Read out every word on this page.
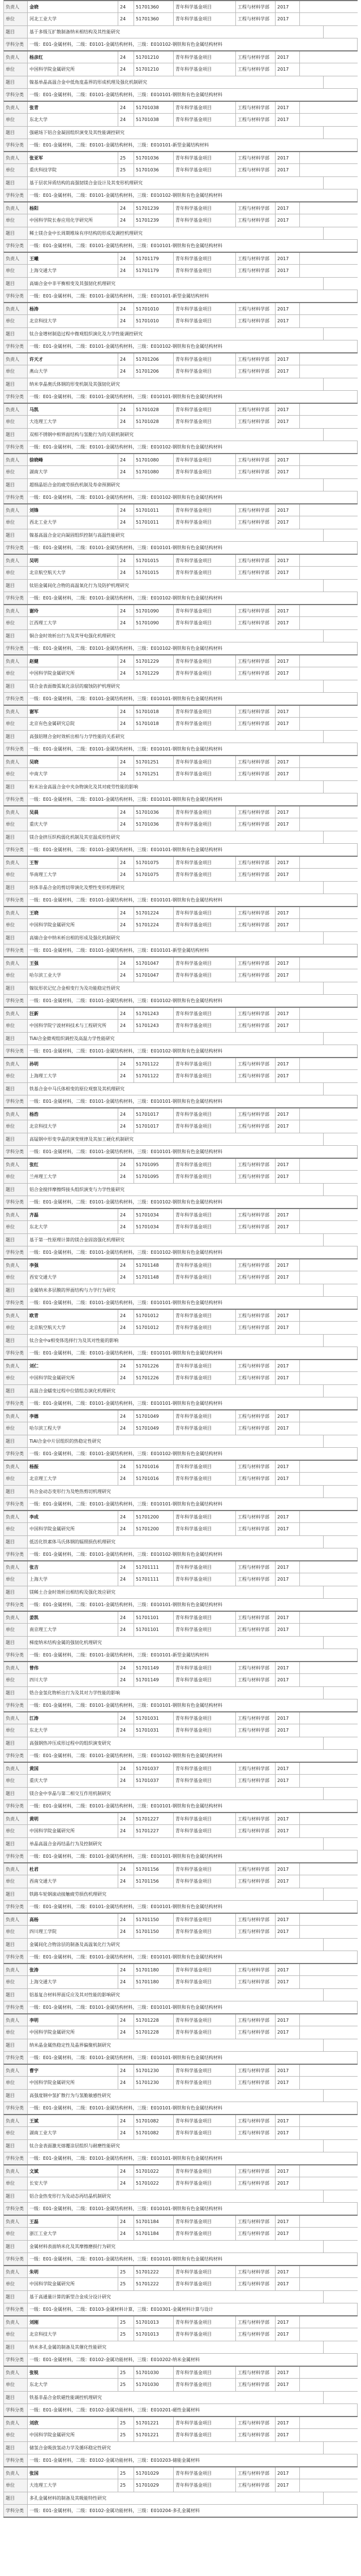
负责人	金晓	24	51701360	青年科学基金项目	工程与材料学部	2017
单位	河北工业大学	24	51701360	青年科学基金项目	工程与材料学部	2017
题目	基于多级互扩散制备纳米相结构及其性能研究
学科分类	一级：E01-金属材料，二级：E0101-金属结构材料，三级：E010102-钢铁和有色金属结构材料
负责人	杨彦红	24	51701210	青年科学基金项目	工程与材料学部	2017
单位	中国科学院金属研究所	24	51701210	青年科学基金项目	工程与材料学部	2017
题目	镍基单晶高温合金中低角度晶界的形成机理及强化机制研究
学科分类	一级：E01-金属材料，二级：E0101-金属结构材料，三级：E010101-钢铁和有色金属结构材料
负责人	张青	24	51701038	青年科学基金项目	工程与材料学部	2017
单位	东北大学	24	51701038	青年科学基金项目	工程与材料学部	2017
题目	强磁场下铝合金凝固组织演变及其性能调控研究
学科分类	一级：E01-金属材料，二级：E0101-金属结构材料，三级：E010101-新型金属结构材料
负责人	张亚军	25	51701036	青年科学基金项目	工程与材料学部	2017
单位	重庆科技学院	25	51701036	青年科学基金项目	工程与材料学部	2017
题目	基于层状异质结构的高强韧镁合金设计及其变形机理研究
学科分类	一级：E01-金属材料，二级：E0101-金属结构材料，三级：E010102-钢铁和有色金属结构材料
负责人	杨阳	24	51701239	青年科学基金项目	工程与材料学部	2017
单位	中国科学院长春应用化学研究所	24	51701239	青年科学基金项目	工程与材料学部	2017
题目	稀土镁合金中长周期堆垛有序结构的形成及调控机理研究
学科分类	一级：E01-金属材料，二级：E0101-金属结构材料，三级：E010101-钢铁和有色金属结构材料
负责人	王曦	24	51701179	青年科学基金项目	工程与材料学部	2017
单位	上海交通大学	24	51701179	青年科学基金项目	工程与材料学部	2017
题目	高熵合金中非平衡相变及其强韧化机理研究
学科分类	一级：E01-金属材料，二级：E0101-金属结构材料，三级：E010101-新型金属结构材料
负责人	杨涛	24	51701010	青年科学基金项目	工程与材料学部	2017
单位	北京科技大学	24	51701010	青年科学基金项目	工程与材料学部	2017
题目	钛合金增材制造过程中微观组织演化及力学性能调控研究
学科分类	一级：E01-金属材料，二级：E0101-金属结构材料，三级：E010102-钢铁和有色金属结构材料
负责人	许天才	24	51701206	青年科学基金项目	工程与材料学部	2017
单位	燕山大学	24	51701206	青年科学基金项目	工程与材料学部	2017
题目	纳米孪晶奥氏体钢的形变机制及其强韧化研究
学科分类	一级：E01-金属材料，二级：E0101-金属结构材料，三级：E010101-钢铁和有色金属结构材料
负责人	马凯	24	51701028	青年科学基金项目	工程与材料学部	2017
单位	大连理工大学	24	51701028	青年科学基金项目	工程与材料学部	2017
题目	双相不锈钢中相界面结构与氢脆行为的关联机制研究
学科分类	一级：E01-金属材料，二级：E0101-金属结构材料，三级：E010102-钢铁和有色金属结构材料
负责人	徐晓峰	24	51701080	青年科学基金项目	工程与材料学部	2017
单位	湖南大学	24	51701080	青年科学基金项目	工程与材料学部	2017
题目	超细晶铝合金的疲劳损伤机制及寿命预测研究
学科分类	一级：E01-金属材料，二级：E0101-金属结构材料，三级：E010102-钢铁和有色金属结构材料
负责人	刘锋	24	51701011	青年科学基金项目	工程与材料学部	2017
单位	西北工业大学	24	51701011	青年科学基金项目	工程与材料学部	2017
题目	镍基高温合金定向凝固组织控制与高温性能研究
学科分类	一级：E01-金属材料，二级：E0101-金属结构材料，三级：E010101-钢铁和有色金属结构材料
负责人	吴明	24	51701015	青年科学基金项目	工程与材料学部	2017
单位	北京航空航天大学	24	51701015	青年科学基金项目	工程与材料学部	2017
题目	钛铝金属间化合物的高温氧化行为及防护机理研究
学科分类	一级：E01-金属材料，二级：E0101-金属结构材料，三级：E010102-钢铁和有色金属结构材料
负责人	谢玲	24	51701090	青年科学基金项目	工程与材料学部	2017
单位	江西理工大学	24	51701090	青年科学基金项目	工程与材料学部	2017
题目	铜合金时效析出行为及其导电强化机理研究
学科分类	一级：E01-金属材料，二级：E0101-金属结构材料，三级：E010102-钢铁和有色金属结构材料
负责人	赵健	24	51701229	青年科学基金项目	工程与材料学部	2017
单位	中国科学院金属研究所	24	51701229	青年科学基金项目	工程与材料学部	2017
题目	镁合金表面微弧氧化涂层的腐蚀防护机理研究
学科分类	一级：E01-金属材料，二级：E0101-金属结构材料，三级：E010101-钢铁和有色金属结构材料
负责人	谢军	24	51701018	青年科学基金项目	工程与材料学部	2017
单位	北京有色金属研究总院	24	51701018	青年科学基金项目	工程与材料学部	2017
题目	高强铝锂合金时效析出相与力学性能的关系研究
学科分类	一级：E01-金属材料，二级：E0101-金属结构材料，三级：E010101-钢铁和有色金属结构材料
负责人	吴晓	24	51701251	青年科学基金项目	工程与材料学部	2017
单位	中南大学	24	51701251	青年科学基金项目	工程与材料学部	2017
题目	粉末冶金高温合金中夹杂物演化及其对疲劳性能的影响
学科分类	一级：E01-金属材料，二级：E0101-金属结构材料，三级：E010101-钢铁和有色金属结构材料
负责人	吴晨	24	51701036	青年科学基金项目	工程与材料学部	2017
单位	重庆大学	24	51701036	青年科学基金项目	工程与材料学部	2017
题目	镁合金挤压织构弱化机制及其室温成形性研究
学科分类	一级：E01-金属材料，二级：E0101-金属结构材料，三级：E010101-钢铁和有色金属结构材料
负责人	王智	24	51701075	青年科学基金项目	工程与材料学部	2017
单位	华南理工大学	24	51701075	青年科学基金项目	工程与材料学部	2017
题目	块体非晶合金的剪切带演化及塑性变形机理研究
学科分类	一级：E01-金属材料，二级：E0101-金属结构材料，三级：E010101-钢铁和有色金属结构材料
负责人	王晓	24	51701224	青年科学基金项目	工程与材料学部	2017
单位	中国科学院金属研究所	24	51701224	青年科学基金项目	工程与材料学部	2017
题目	高熵合金中纳米析出相的形成及强化机制研究
学科分类	一级：E01-金属材料，二级：E0101-金属结构材料，三级：E010101-新型金属结构材料
负责人	王强	24	51701047	青年科学基金项目	工程与材料学部	2017
单位	哈尔滨工业大学	24	51701047	青年科学基金项目	工程与材料学部	2017
题目	镍钛形状记忆合金相变行为及功能稳定性研究
学科分类	一级：E01-金属材料，二级：E0101-金属结构材料，三级：E010102-钢铁和有色金属结构材料
负责人	汪新	24	51701243	青年科学基金项目	工程与材料学部	2017
单位	中国科学院宁波材料技术与工程研究所	24	51701243	青年科学基金项目	工程与材料学部	2017
题目	TiAl合金微观组织调控及高温力学性能研究
学科分类	一级：E01-金属材料，二级：E0101-金属结构材料，三级：E010102-钢铁和有色金属结构材料
负责人	孙明	24	51701122	青年科学基金项目	工程与材料学部	2017
单位	上海理工大学	24	51701122	青年科学基金项目	工程与材料学部	2017
题目	铁基合金中马氏体相变的原位观察及其机理研究
学科分类	一级：E01-金属材料，二级：E0101-金属结构材料，三级：E010101-钢铁和有色金属结构材料
负责人	杨浩	24	51701017	青年科学基金项目	工程与材料学部	2017
单位	北京科技大学	24	51701017	青年科学基金项目	工程与材料学部	2017
题目	高锰钢中形变孪晶的演变规律及其加工硬化机制研究
学科分类	一级：E01-金属材料，二级：E0101-金属结构材料，三级：E010101-钢铁和有色金属结构材料
负责人	张红	24	51701095	青年科学基金项目	工程与材料学部	2017
单位	兰州理工大学	24	51701095	青年科学基金项目	工程与材料学部	2017
题目	铝合金搅拌摩擦焊接头组织演变与力学性能研究
学科分类	一级：E01-金属材料，二级：E0101-金属结构材料，三级：E010102-钢铁和有色金属结构材料
负责人	齐磊	24	51701034	青年科学基金项目	工程与材料学部	2017
单位	东北大学	24	51701034	青年科学基金项目	工程与材料学部	2017
题目	基于第一性原理计算的镁合金固溶强化机理研究
学科分类	一级：E01-金属材料，二级：E0101-金属结构材料，三级：E010102-钢铁和有色金属结构材料
负责人	李强	24	51701148	青年科学基金项目	工程与材料学部	2017
单位	西安交通大学	24	51701148	青年科学基金项目	工程与材料学部	2017
题目	金属纳米多层膜的界面结构与力学行为研究
学科分类	一级：E01-金属材料，二级：E0101-金属结构材料，三级：E010101-钢铁和有色金属结构材料
负责人	欧青	24	51701012	青年科学基金项目	工程与材料学部	2017
单位	北京航空航天大学	24	51701012	青年科学基金项目	工程与材料学部	2017
题目	钛合金中α相变体选择行为及其对性能的影响
学科分类	一级：E01-金属材料，二级：E0101-金属结构材料，三级：E010101-钢铁和有色金属结构材料
负责人	刘仁	24	51701226	青年科学基金项目	工程与材料学部	2017
单位	中国科学院金属研究所	24	51701226	青年科学基金项目	工程与材料学部	2017
题目	高温合金蠕变过程中位错组态演化机理研究
学科分类	一级：E01-金属材料，二级：E0101-金属结构材料，三级：E010101-钢铁和有色金属结构材料
负责人	李德	24	51701049	青年科学基金项目	工程与材料学部	2017
单位	哈尔滨工程大学	24	51701049	青年科学基金项目	工程与材料学部	2017
题目	TiAl合金中片层组织的热稳定性研究
学科分类	一级：E01-金属材料，二级：E0101-金属结构材料，三级：E010102-钢铁和有色金属结构材料
负责人	杨振	24	51701016	青年科学基金项目	工程与材料学部	2017
单位	北京理工大学	24	51701016	青年科学基金项目	工程与材料学部	2017
题目	钨合金动态变形行为及绝热剪切机理研究
学科分类	一级：E01-金属材料，二级：E0101-金属结构材料，三级：E010101-钢铁和有色金属结构材料
负责人	李成	24	51701200	青年科学基金项目	工程与材料学部	2017
单位	中国科学院金属研究所	24	51701200	青年科学基金项目	工程与材料学部	2017
题目	低活化铁素体马氏体钢的辐照损伤机理研究
学科分类	一级：E01-金属材料，二级：E0101-金属结构材料，三级：E010102-钢铁和有色金属结构材料
负责人	张吉	24	51701111	青年科学基金项目	工程与材料学部	2017
单位	上海大学	24	51701111	青年科学基金项目	工程与材料学部	2017
题目	镁稀土合金时效析出相结构及强化效应研究
学科分类	一级：E01-金属材料，二级：E0101-金属结构材料，三级：E010101-钢铁和有色金属结构材料
负责人	姜凯	24	51701101	青年科学基金项目	工程与材料学部	2017
单位	南京理工大学	24	51701101	青年科学基金项目	工程与材料学部	2017
题目	梯度纳米结构金属的强韧化机理研究
学科分类	一级：E01-金属材料，二级：E0101-金属结构材料，三级：E010101-新型金属结构材料
负责人	曾伟	24	51701149	青年科学基金项目	工程与材料学部	2017
单位	四川大学	24	51701149	青年科学基金项目	工程与材料学部	2017
题目	锆合金氢化物析出行为及其对力学性能的影响
学科分类	一级：E01-金属材料，二级：E0101-金属结构材料，三级：E010101-钢铁和有色金属结构材料
负责人	江涛	24	51701031	青年科学基金项目	工程与材料学部	2017
单位	东北大学	24	51701031	青年科学基金项目	工程与材料学部	2017
题目	高强钢热冲压成形过程中的组织演变研究
学科分类	一级：E01-金属材料，二级：E0101-金属结构材料，三级：E010102-钢铁和有色金属结构材料
负责人	黄国	24	51701037	青年科学基金项目	工程与材料学部	2017
单位	重庆大学	24	51701037	青年科学基金项目	工程与材料学部	2017
题目	镁合金中孪晶与第二相交互作用机制研究
学科分类	一级：E01-金属材料，二级：E0101-金属结构材料，三级：E010101-钢铁和有色金属结构材料
负责人	黄明	24	51701227	青年科学基金项目	工程与材料学部	2017
单位	中国科学院金属研究所	24	51701227	青年科学基金项目	工程与材料学部	2017
题目	单晶高温合金再结晶行为及控制研究
学科分类	一级：E01-金属材料，二级：E0101-金属结构材料，三级：E010101-钢铁和有色金属结构材料
负责人	杜君	24	51701156	青年科学基金项目	工程与材料学部	2017
单位	西南交通大学	24	51701156	青年科学基金项目	工程与材料学部	2017
题目	铁路车轮钢滚动接触疲劳损伤机理研究
学科分类	一级：E01-金属材料，二级：E0101-金属结构材料，三级：E010101-钢铁和有色金属结构材料
负责人	高杨	24	51701150	青年科学基金项目	工程与材料学部	2017
单位	四川理工学院	24	51701150	青年科学基金项目	工程与材料学部	2017
题目	金属间化合物涂层的制备及高温氧化行为研究
学科分类	一级：E01-金属材料，二级：E0101-金属结构材料，三级：E010101-钢铁和有色金属结构材料
负责人	张涛	24	51701180	青年科学基金项目	工程与材料学部	2017
单位	上海交通大学	24	51701180	青年科学基金项目	工程与材料学部	2017
题目	铝基复合材料界面反应及其对性能的影响研究
学科分类	一级：E01-金属材料，二级：E0101-金属结构材料，三级：E010101-钢铁和有色金属结构材料
负责人	李明	24	51701228	青年科学基金项目	工程与材料学部	2017
单位	中国科学院金属研究所	24	51701228	青年科学基金项目	工程与材料学部	2017
题目	纳米晶金属热稳定性及晶界偏聚机制研究
学科分类	一级：E01-金属材料，二级：E0101-金属结构材料，三级：E010101-钢铁和有色金属结构材料
负责人	曹宇	24	51701230	青年科学基金项目	工程与材料学部	2017
单位	中国科学院金属研究所	24	51701230	青年科学基金项目	工程与材料学部	2017
题目	高强度钢中氢扩散行为与氢脆敏感性研究
学科分类	一级：E01-金属材料，二级：E0101-金属结构材料，三级：E010101-钢铁和有色金属结构材料
负责人	王斌	24	51701082	青年科学基金项目	工程与材料学部	2017
单位	湖南工业大学	24	51701082	青年科学基金项目	工程与材料学部	2017
题目	钛合金表面激光熔覆涂层组织与耐磨性能研究
学科分类	一级：E01-金属材料，二级：E0101-金属结构材料，三级：E010101-钢铁和有色金属结构材料
负责人	文斌	24	51701022	青年科学基金项目	工程与材料学部	2017
单位	长安大学	24	51701022	青年科学基金项目	工程与材料学部	2017
题目	铝合金热变形行为及动态再结晶机制研究
学科分类	一级：E01-金属材料，二级：E0101-金属结构材料，三级：E010101-钢铁和有色金属结构材料
负责人	王磊	24	51701184	青年科学基金项目	工程与材料学部	2017
单位	浙江工业大学	24	51701184	青年科学基金项目	工程与材料学部	2017
题目	金属材料表面纳米化及其摩擦磨损行为研究
学科分类	一级：E01-金属材料，二级：E0101-金属结构材料，三级：E010101-钢铁和有色金属结构材料
负责人	朱明	25	51701222	青年科学基金项目	工程与材料学部	2017
单位	中国科学院金属研究所	25	51701222	青年科学基金项目	工程与材料学部	2017
题目	基于高通量计算的新型合金成分设计研究
学科分类	一级：E01-金属材料，二级：E0103-金属材料计算，三级：E010301-金属材料计算与设计
负责人	刘刚	25	51701013	青年科学基金项目	工程与材料学部	2017
单位	北京科技大学	25	51701013	青年科学基金项目	工程与材料学部	2017
题目	纳米多孔金属的制备及其催化性能研究
学科分类	一级：E01-金属材料，二级：E0102-金属功能材料，三级：E010202-纳米金属材料
负责人	张锐	25	51701030	青年科学基金项目	工程与材料学部	2017
单位	东北大学	25	51701030	青年科学基金项目	工程与材料学部	2017
题目	铁基非晶合金软磁性能调控机理研究
学科分类	一级：E01-金属材料，二级：E0102-金属功能材料，三级：E010201-磁性金属材料
负责人	刘欣	25	51701221	青年科学基金项目	工程与材料学部	2017
单位	中国科学院金属研究所	25	51701221	青年科学基金项目	工程与材料学部	2017
题目	储氢合金吸放氢动力学及循环稳定性研究
学科分类	一级：E01-金属材料，二级：E0102-金属功能材料，三级：E010203-储能金属材料
负责人	张国	25	51701029	青年科学基金项目	工程与材料学部	2017
单位	大连理工大学	25	51701029	青年科学基金项目	工程与材料学部	2017
题目	多孔金属材料的制备及其吸能特性研究
学科分类	一级：E01-金属材料，二级：E0102-金属功能材料，三级：E010204-多孔金属材料
